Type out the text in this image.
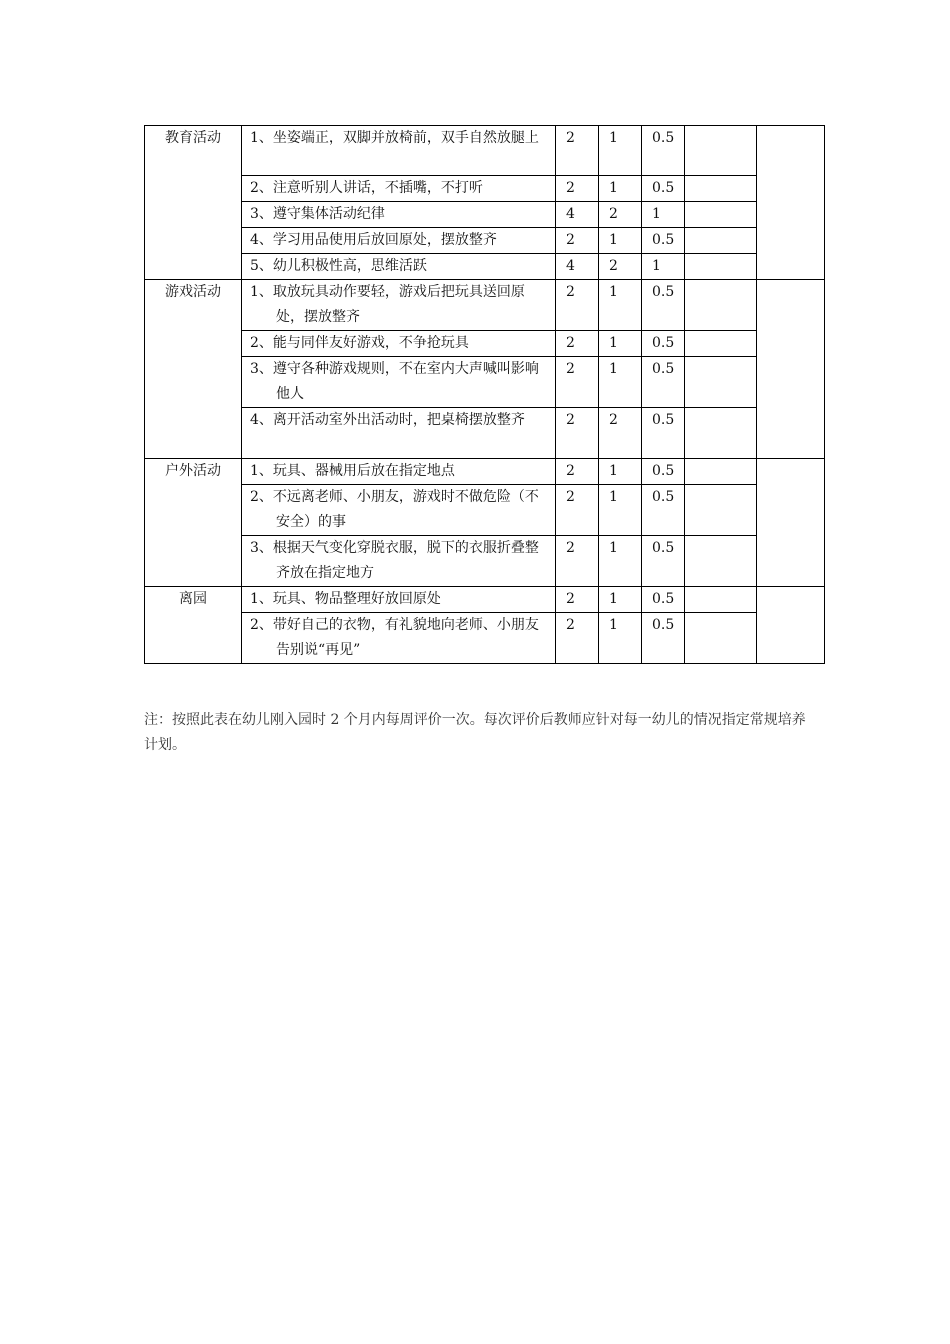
教育活动	1、坐姿端正，双脚并放椅前，双手自然放腿上	2	1	0.5		

	2、注意听别人讲话，不插嘴，不打听	2	1	0.5		

	3、遵守集体活动纪律	4	2	1		

	4、学习用品使用后放回原处，摆放整齐	2	1	0.5		

	5、幼儿积极性高，思维活跃	4	2	1		
游戏活动	1、取放玩具动作要轻，游戏后把玩具送回原处，摆放整齐	2	1	0.5		

	2、能与同伴友好游戏，不争抢玩具	2	1	0.5		

	3、遵守各种游戏规则，不在室内大声喊叫影响他人	2	1	0.5		

	4、离开活动室外出活动时，把桌椅摆放整齐	2	2	0.5		
户外活动	1、玩具、器械用后放在指定地点	2	1	0.5		

	2、不远离老师、小朋友，游戏时不做危险（不安全）的事	2	1	0.5		

	3、根据天气变化穿脱衣服，脱下的衣服折叠整齐放在指定地方	2	1	0.5		
离园	1、玩具、物品整理好放回原处	2	1	0.5		

	2、带好自己的衣物，有礼貌地向老师、小朋友告别说“再见”	2	1	0.5		
注：按照此表在幼儿刚入园时 2 个月内每周评价一次。每次评价后教师应针对每一幼儿的情况指定常规培养计划。
